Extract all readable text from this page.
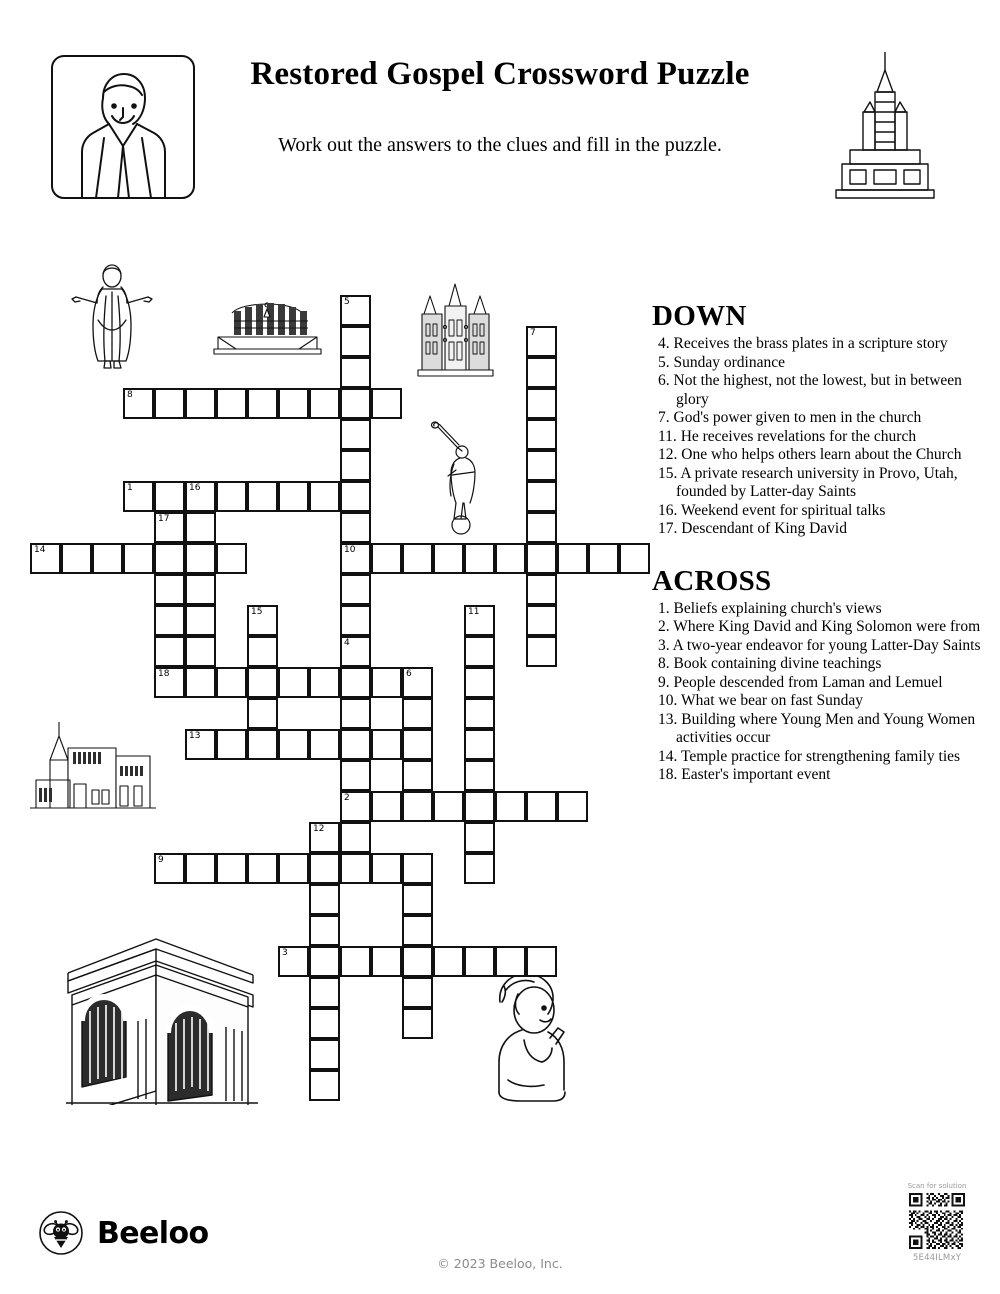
Restored Gospel Crossword Puzzle
Work out the answers to the clues and fill in the puzzle.
5
7
8
1	16
17
18
14	10
15	11
4
2
6
13
12
9
3
DOWN
4. Receives the brass plates in a scripture story
5. Sunday ordinance
6. Not the highest, not the lowest, but in between glory
7. God's power given to men in the church
11. He receives revelations for the church
12. One who helps others learn about the Church
15. A private research university in Provo, Utah, founded by Latter-day Saints
16. Weekend event for spiritual talks
17. Descendant of King David
ACROSS
1. Beliefs explaining church's views
2. Where King David and King Solomon were from
3. A two-year endeavor for young Latter-Day Saints
8. Book containing divine teachings
9. People descended from Laman and Lemuel
10. What we bear on fast Sunday
13. Building where Young Men and Young Women activities occur
14. Temple practice for strengthening family ties
18. Easter's important event
Beeloo
© 2023 Beeloo, Inc.
Scan for solution
5E44ILMxY
